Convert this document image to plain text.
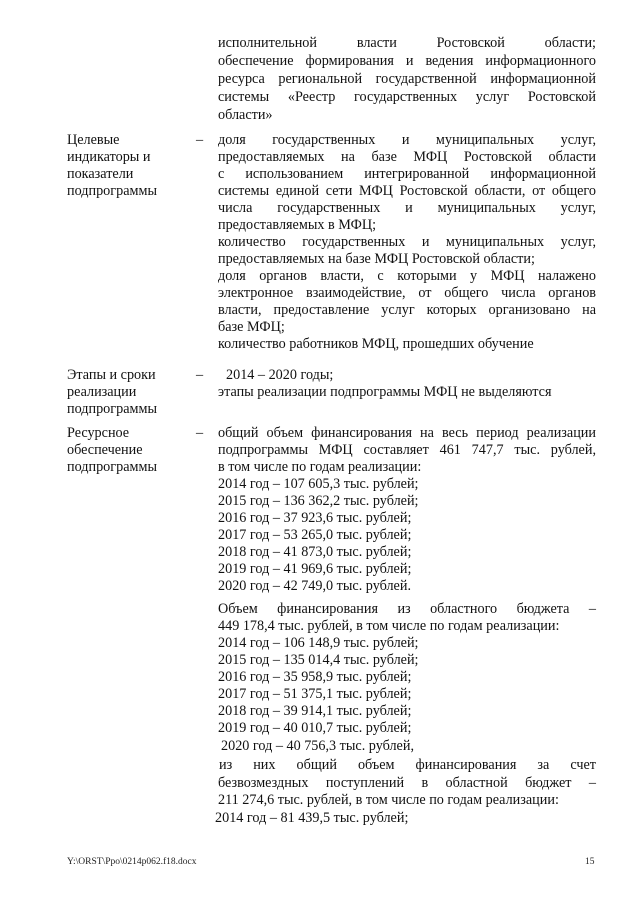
исполнительной власти Ростовской области;
обеспечение формирования и ведения информационного
ресурса региональной государственной информационной
системы «Реестр государственных услуг Ростовской
области»
Целевые
индикаторы и
показатели
подпрограммы
– доля государственных и муниципальных услуг,
предоставляемых на базе МФЦ Ростовской области
с использованием интегрированной информационной
системы единой сети МФЦ Ростовской области, от общего
числа государственных и муниципальных услуг,
предоставляемых в МФЦ;
количество государственных и муниципальных услуг,
предоставляемых на базе МФЦ Ростовской области;
доля органов власти, с которыми у МФЦ налажено
электронное взаимодействие, от общего числа органов
власти, предоставление услуг которых организовано на
базе МФЦ;
количество работников МФЦ, прошедших обучение
Этапы и сроки
реализации
подпрограммы
– 2014 – 2020 годы;
этапы реализации подпрограммы МФЦ не выделяются
Ресурсное
обеспечение
подпрограммы
– общий объем финансирования на весь период реализации
подпрограммы МФЦ составляет 461 747,7 тыс. рублей,
в том числе по годам реализации:
2014 год – 107 605,3 тыс. рублей;
2015 год – 136 362,2 тыс. рублей;
2016 год – 37 923,6 тыс. рублей;
2017 год – 53 265,0 тыс. рублей;
2018 год – 41 873,0 тыс. рублей;
2019 год – 41 969,6 тыс. рублей;
2020 год – 42 749,0 тыс. рублей.
Объем финансирования из областного бюджета –
449 178,4 тыс. рублей, в том числе по годам реализации:
2014 год – 106 148,9 тыс. рублей;
2015 год – 135 014,4 тыс. рублей;
2016 год – 35 958,9 тыс. рублей;
2017 год – 51 375,1 тыс. рублей;
2018 год – 39 914,1 тыс. рублей;
2019 год – 40 010,7 тыс. рублей;
2020 год – 40 756,3 тыс. рублей,
из них общий объем финансирования за счет
безвозмездных поступлений в областной бюджет –
211 274,6 тыс. рублей, в том числе по годам реализации:
2014 год – 81 439,5 тыс. рублей;
Y:\ORST\Ppo\0214p062.f18.docx	15
